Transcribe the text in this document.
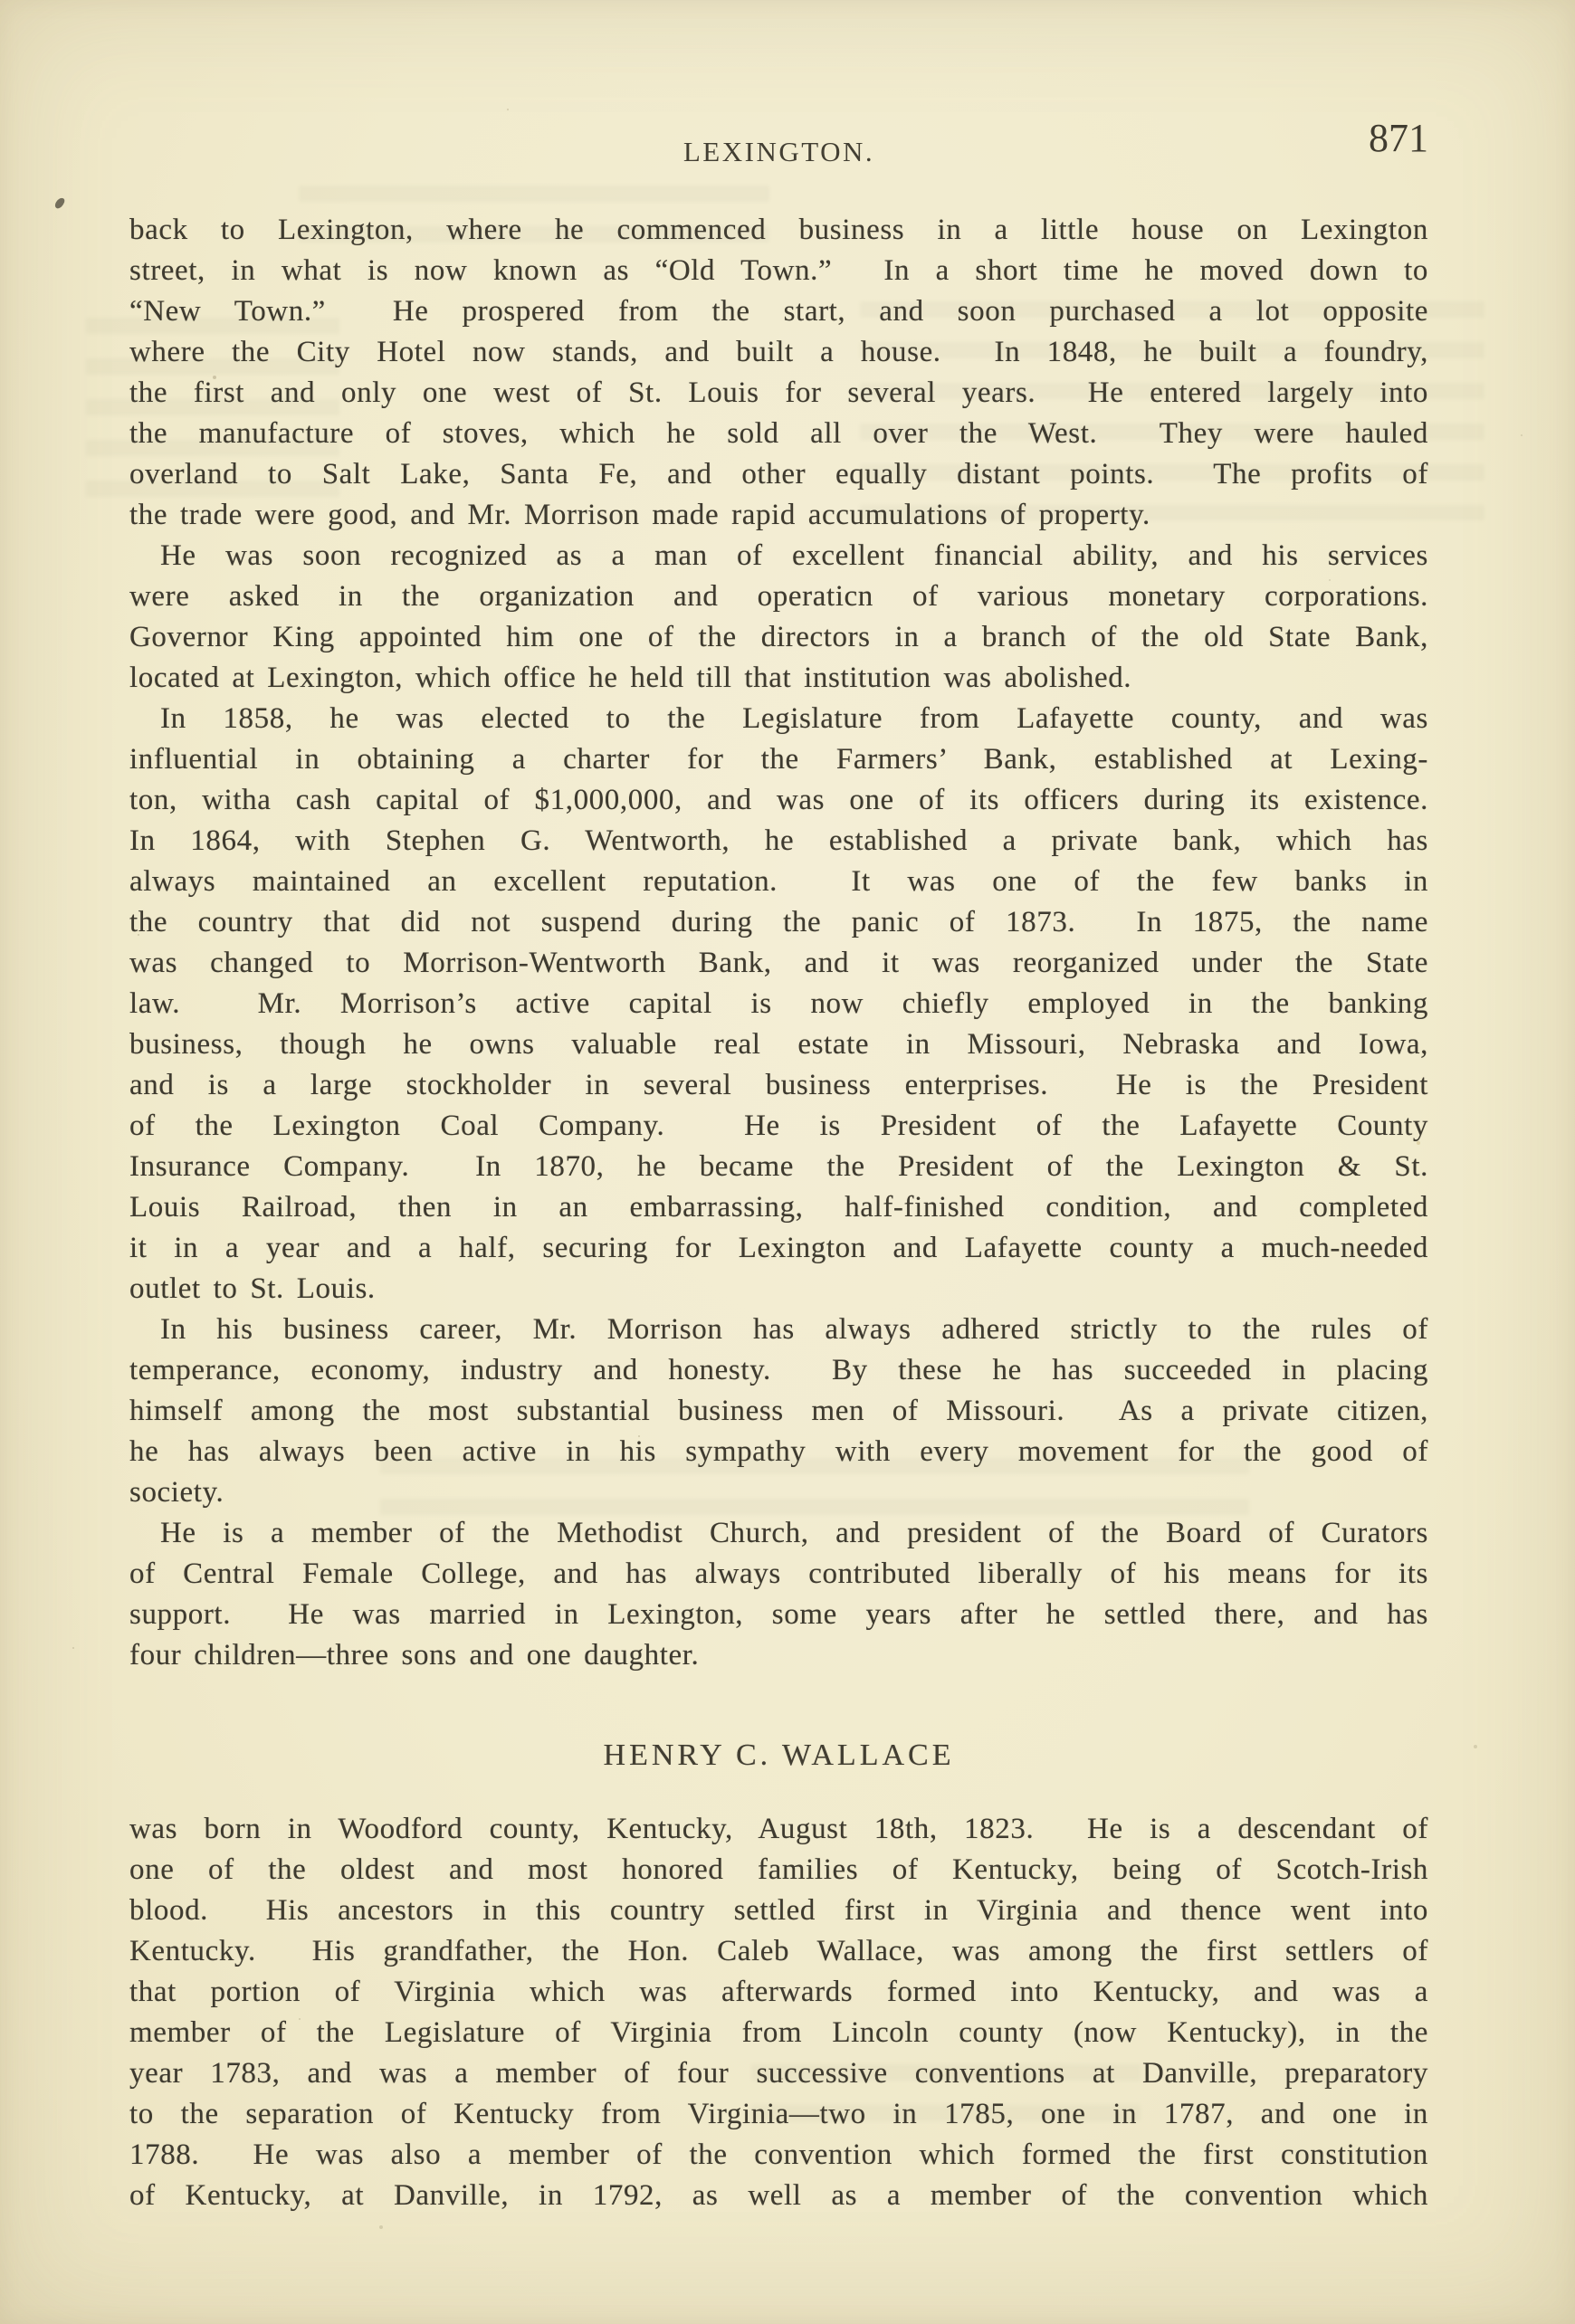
LEXINGTON.	871
back to Lexington, where he commenced business in a little house on Lexington
street, in what is now known as “Old Town.”  In a short time he moved down to
“New Town.”  He prospered from the start, and soon purchased a lot opposite
where the City Hotel now stands, and built a house.  In 1848, he built a foundry,
the first and only one west of St. Louis for several years.  He entered largely into
the manufacture of stoves, which he sold all over the West.  They were hauled
overland to Salt Lake, Santa Fe, and other equally distant points.  The profits of
the trade were good, and Mr. Morrison made rapid accumulations of property.
He was soon recognized as a man of excellent financial ability, and his services
were asked in the organization and operaticn of various monetary corporations.
Governor King appointed him one of the directors in a branch of the old State Bank,
located at Lexington, which office he held till that institution was abolished.
In 1858, he was elected to the Legislature from Lafayette county, and was
influential in obtaining a charter for the Farmers’ Bank, established at Lexing-
ton, witha cash capital of $1,000,000, and was one of its officers during its existence.
In 1864, with Stephen G. Wentworth, he established a private bank, which has
always maintained an excellent reputation.  It was one of the few banks in
the country that did not suspend during the panic of 1873.  In 1875, the name
was changed to Morrison-Wentworth Bank, and it was reorganized under the State
law.  Mr. Morrison’s active capital is now chiefly employed in the banking
business, though he owns valuable real estate in Missouri, Nebraska and Iowa,
and is a large stockholder in several business enterprises.  He is the President
of the Lexington Coal Company.  He is President of the Lafayette County
Insurance Company.  In 1870, he became the President of the Lexington & St.
Louis Railroad, then in an embarrassing, half-finished condition, and completed
it in a year and a half, securing for Lexington and Lafayette county a much-needed
outlet to St. Louis.
In his business career, Mr. Morrison has always adhered strictly to the rules of
temperance, economy, industry and honesty.  By these he has succeeded in placing
himself among the most substantial business men of Missouri.  As a private citizen,
he has always been active in his sympathy with every movement for the good of
society.
He is a member of the Methodist Church, and president of the Board of Curators
of Central Female College, and has always contributed liberally of his means for its
support.  He was married in Lexington, some years after he settled there, and has
four children—three sons and one daughter.
HENRY C. WALLACE
was born in Woodford county, Kentucky, August 18th, 1823.  He is a descendant of
one of the oldest and most honored families of Kentucky, being of Scotch-Irish
blood.  His ancestors in this country settled first in Virginia and thence went into
Kentucky.  His grandfather, the Hon. Caleb Wallace, was among the first settlers of
that portion of Virginia which was afterwards formed into Kentucky, and was a
member of the Legislature of Virginia from Lincoln county (now Kentucky), in the
year 1783, and was a member of four successive conventions at Danville, preparatory
to the separation of Kentucky from Virginia—two in 1785, one in 1787, and one in
1788.  He was also a member of the convention which formed the first constitution
of Kentucky, at Danville, in 1792, as well as a member of the convention which
